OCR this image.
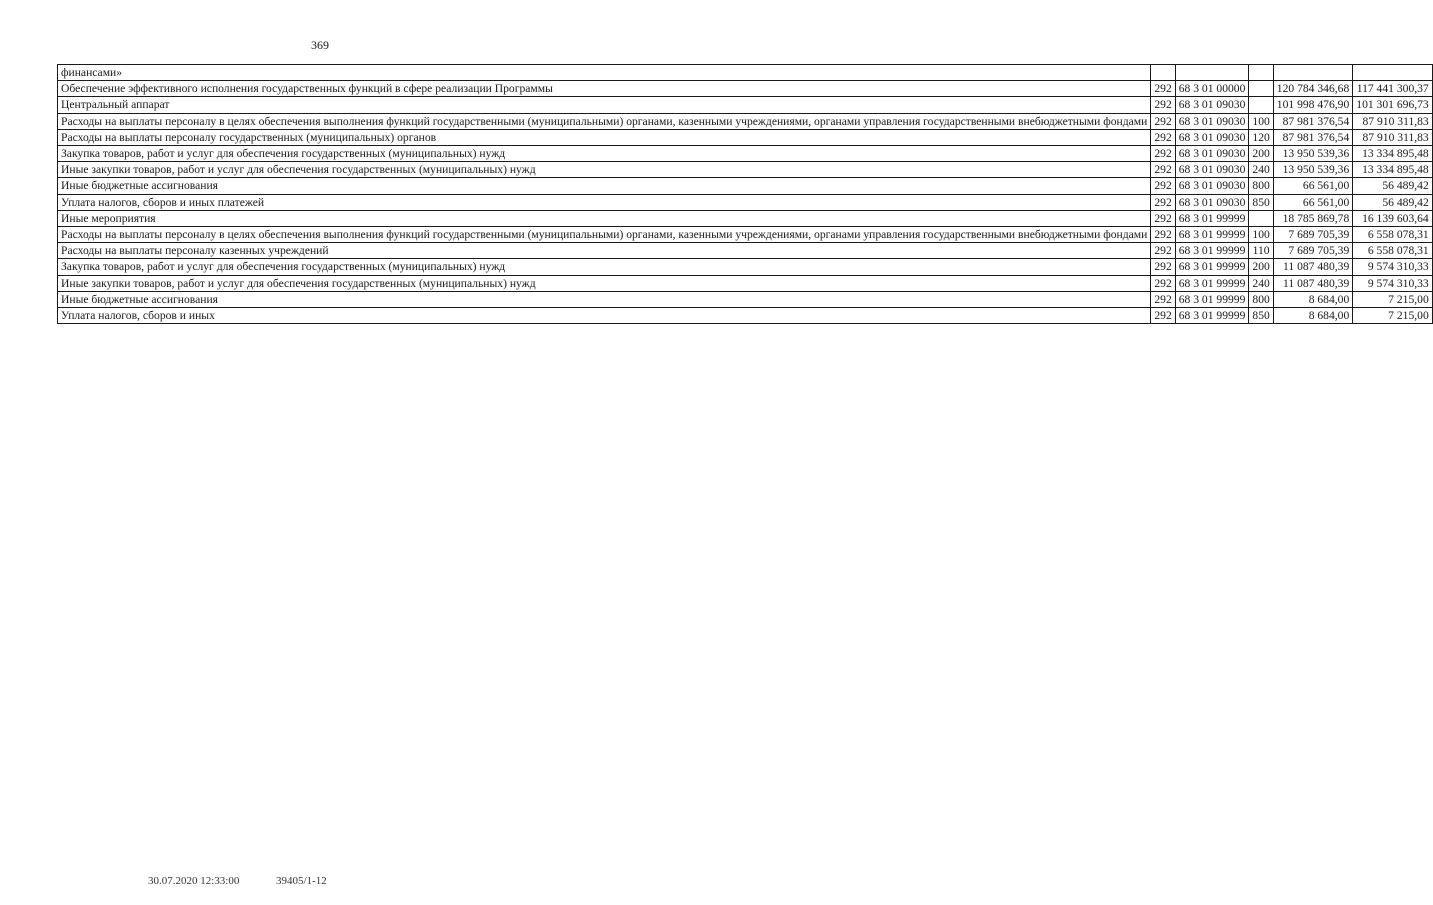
369
финансами»					
Обеспечение эффективного исполнения государственных функций в сфере реализации Программы	292	68 3 01 00000		120 784 346,68	117 441 300,37
Центральный аппарат	292	68 3 01 09030		101 998 476,90	101 301 696,73
Расходы на выплаты персоналу в целях обеспечения выполнения функций государственными (муниципальными) органами, казенными учреждениями, органами управления государственными внебюджетными фондами	292	68 3 01 09030	100	87 981 376,54	87 910 311,83
Расходы на выплаты персоналу государственных (муниципальных) органов	292	68 3 01 09030	120	87 981 376,54	87 910 311,83
Закупка товаров, работ и услуг для обеспечения государственных (муниципальных) нужд	292	68 3 01 09030	200	13 950 539,36	13 334 895,48
Иные закупки товаров, работ и услуг для обеспечения государственных (муниципальных) нужд	292	68 3 01 09030	240	13 950 539,36	13 334 895,48
Иные бюджетные ассигнования	292	68 3 01 09030	800	66 561,00	56 489,42
Уплата налогов, сборов и иных платежей	292	68 3 01 09030	850	66 561,00	56 489,42
Иные мероприятия	292	68 3 01 99999		18 785 869,78	16 139 603,64
Расходы на выплаты персоналу в целях обеспечения выполнения функций государственными (муниципальными) органами, казенными учреждениями, органами управления государственными внебюджетными фондами	292	68 3 01 99999	100	7 689 705,39	6 558 078,31
Расходы на выплаты персоналу казенных учреждений	292	68 3 01 99999	110	7 689 705,39	6 558 078,31
Закупка товаров, работ и услуг для обеспечения государственных (муниципальных) нужд	292	68 3 01 99999	200	11 087 480,39	9 574 310,33
Иные закупки товаров, работ и услуг для обеспечения государственных (муниципальных) нужд	292	68 3 01 99999	240	11 087 480,39	9 574 310,33
Иные бюджетные ассигнования	292	68 3 01 99999	800	8 684,00	7 215,00
Уплата налогов, сборов и иных	292	68 3 01 99999	850	8 684,00	7 215,00
30.07.2020 12:33:00	39405/1-12
